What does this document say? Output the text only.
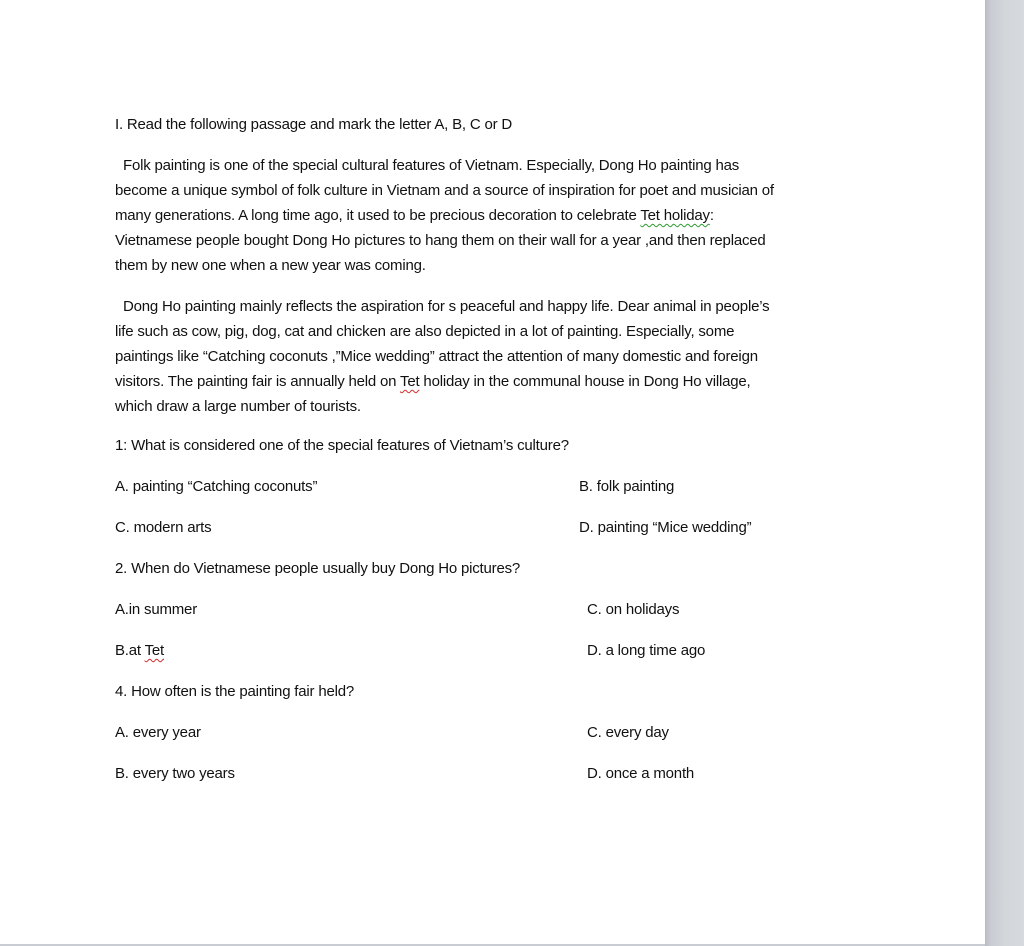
I. Read the following passage and mark the letter A, B, C or D
Folk painting is one of the special cultural features of Vietnam. Especially, Dong Ho painting has
become a unique symbol of folk culture in Vietnam and a source of inspiration for poet and musician of
many generations. A long time ago, it used to be precious decoration to celebrate Tet holiday:
Vietnamese people bought Dong Ho pictures to hang them on their wall for a year ,and then replaced
them by new one when a new year was coming.
Dong Ho painting mainly reflects the aspiration for s peaceful and happy life. Dear animal in people’s
life such as cow, pig, dog, cat and chicken are also depicted in a lot of painting. Especially, some
paintings like “Catching coconuts ,”Mice wedding” attract the attention of many domestic and foreign
visitors. The painting fair is annually held on Tet holiday in the communal house in Dong Ho village,
which draw a large number of tourists.
1: What is considered one of the special features of Vietnam’s culture?
A. painting “Catching coconuts”	B. folk painting
C. modern arts	D. painting “Mice wedding”
2. When do Vietnamese people usually buy Dong Ho pictures?
A.in summer	C. on holidays
B.at Tet	D. a long time ago
4. How often is the painting fair held?
A. every year	C. every day
B. every two years	D. once a month
